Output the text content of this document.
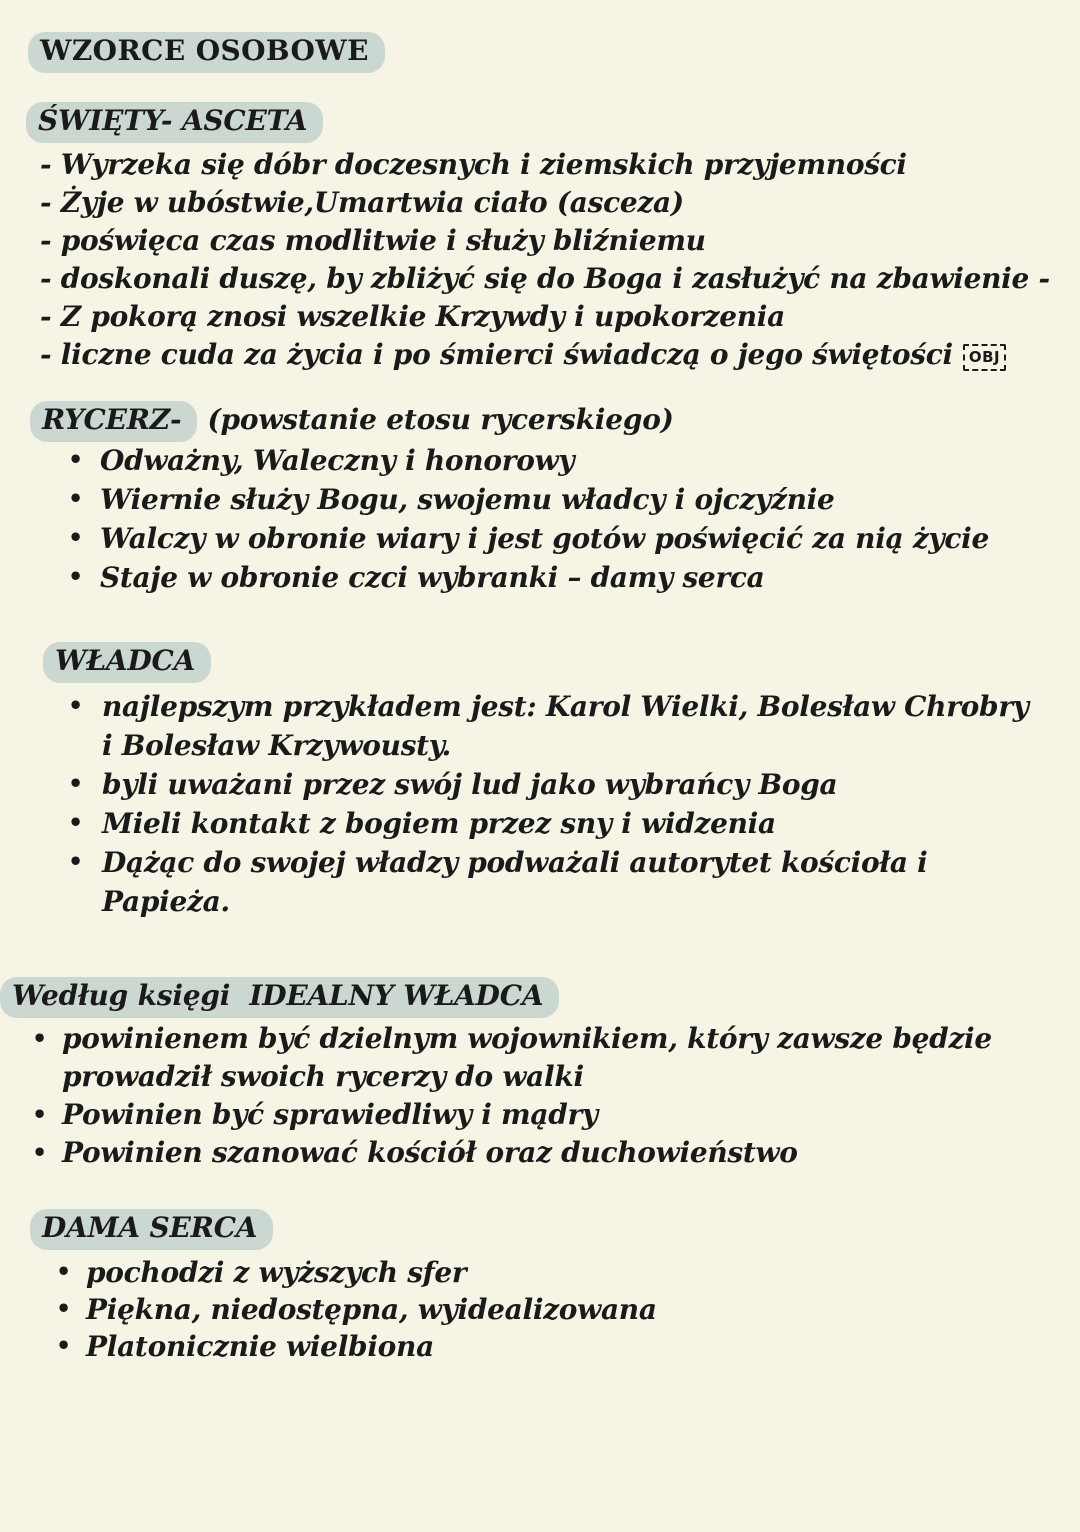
WZORCE OSOBOWE
ŚWIĘTY- ASCETA
- Wyrzeka się dóbr doczesnych i ziemskich przyjemności
- Żyje w ubóstwie,Umartwia ciało (asceza)
- poświęca czas modlitwie i służy bliźniemu
- doskonali duszę, by zbliżyć się do Boga i zasłużyć na zbawienie -
- Z pokorą znosi wszelkie Krzywdy i upokorzenia
- liczne cuda za życia i po śmierci świadczą o jego świętości OBJ
RYCERZ- (powstanie etosu rycerskiego)
• Odważny, Waleczny i honorowy
• Wiernie służy Bogu, swojemu władcy i ojczyźnie
• Walczy w obronie wiary i jest gotów poświęcić za nią życie
• Staje w obronie czci wybranki – damy serca
WŁADCA
• najlepszym przykładem jest: Karol Wielki, Bolesław Chrobry
i Bolesław Krzywousty.
• byli uważani przez swój lud jako wybrańcy Boga
• Mieli kontakt z bogiem przez sny i widzenia
• Dążąc do swojej władzy podważali autorytet kościoła i
Papieża.
Według księgi  IDEALNY WŁADCA
• powinienem być dzielnym wojownikiem, który zawsze będzie
prowadził swoich rycerzy do walki
• Powinien być sprawiedliwy i mądry
• Powinien szanować kościół oraz duchowieństwo
DAMA SERCA
• pochodzi z wyższych sfer
• Piękna, niedostępna, wyidealizowana
• Platonicznie wielbiona
